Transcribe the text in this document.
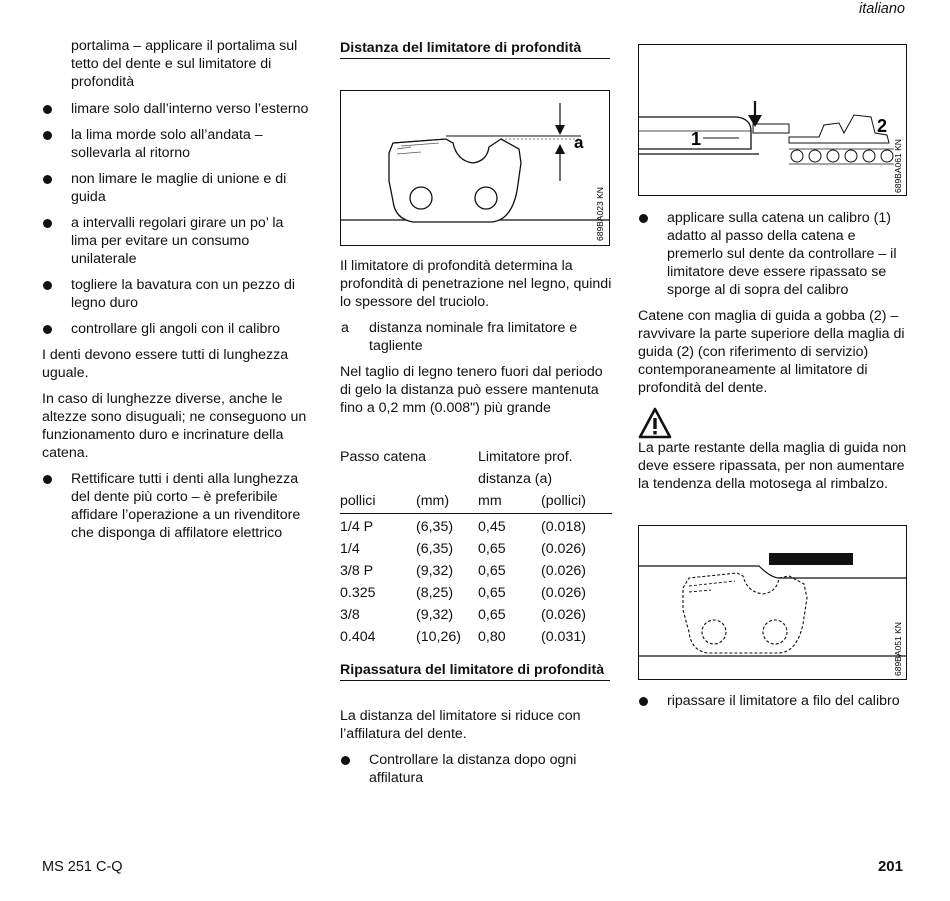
italiano

portalima – applicare il portalima sul tetto del dente e sul limitatore di profondità

limare solo dall’interno verso l’esterno
la lima morde solo all’andata – sollevarla al ritorno
non limare le maglie di unione e di guida
a intervalli regolari girare un po’ la lima per evitare un consumo unilaterale
togliere la bavatura con un pezzo di legno duro
controllare gli angoli con il calibro

I denti devono essere tutti di lunghezza uguale.

In caso di lunghezze diverse, anche le altezze sono disuguali; ne conseguono un funzionamento duro e incrinature della catena.

Rettificare tutti i denti alla lunghezza del dente più corto – è preferibile affidare l’operazione a un rivenditore che disponga di affilatore elettrico

Distanza del limitatore di profondità

a
689BA023 KN

Il limitatore di profondità determina la profondità di penetrazione nel legno, quindi lo spessore del truciolo.

a distanza nominale fra limitatore e tagliente

Nel taglio di legno tenero fuori dal periodo di gelo la distanza può essere mantenuta fino a 0,2 mm (0.008") più grande

Passo catena		Limitatore prof.	
		distanza (a)	
pollici	(mm)	mm	(pollici)
1/4 P	(6,35)	0,45	(0.018)
1/4	(6,35)	0,65	(0.026)
3/8 P	(9,32)	0,65	(0.026)
0.325	(8,25)	0,65	(0.026)
3/8	(9,32)	0,65	(0.026)
0.404	(10,26)	0,80	(0.031)

Ripassatura del limitatore di profondità

La distanza del limitatore si riduce con l’affilatura del dente.

Controllare la distanza dopo ogni affilatura
1
2
689BA061 KN
applicare sulla catena un calibro (1) adatto al passo della catena e premerlo sul dente da controllare – il limitatore deve essere ripassato se sporge al di sopra del calibro

Catene con maglia di guida a gobba (2) – ravvivare la parte superiore della maglia di guida (2) (con riferimento di servizio) contemporaneamente al limitatore di profondità del dente.

La parte restante della maglia di guida non deve essere ripassata, per non aumentare la tendenza della motosega al rimbalzo.

689BA051 KN
ripassare il limitatore a filo del calibro
MS 251 C-Q	201
